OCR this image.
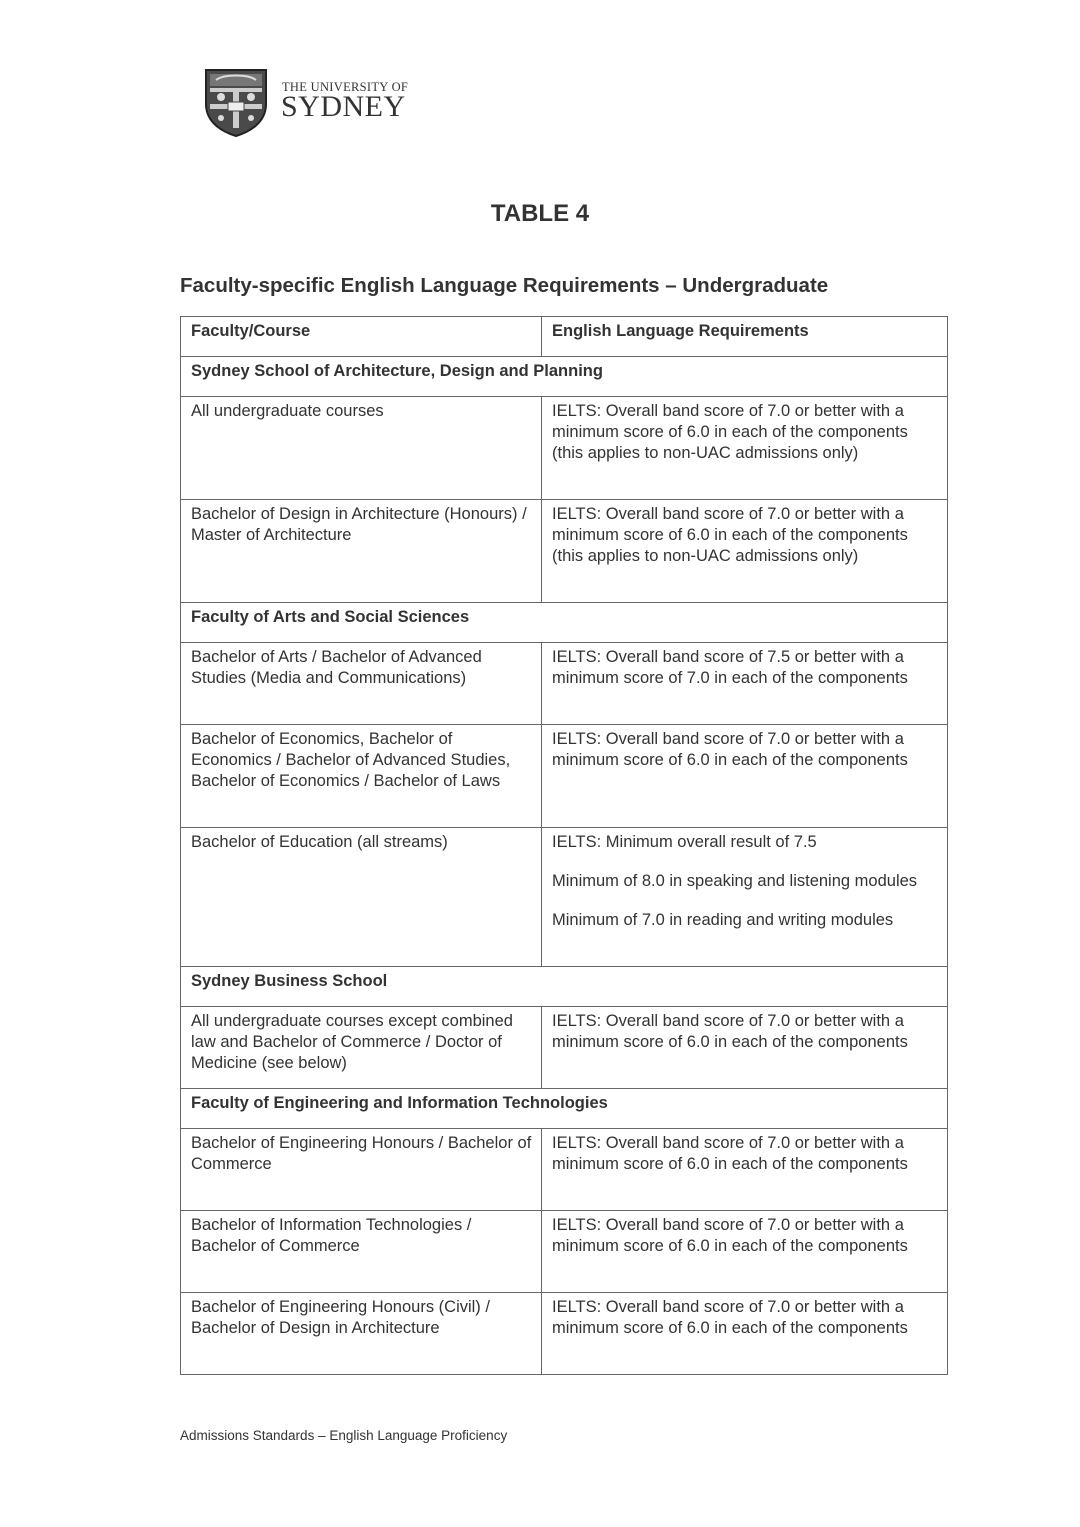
THE UNIVERSITY OF
SYDNEY
TABLE 4
Faculty-specific English Language Requirements – Undergraduate
Faculty/Course	English Language Requirements
Sydney School of Architecture, Design and Planning	
All undergraduate courses	IELTS: Overall band score of 7.0 or better with a minimum score of 6.0 in each of the components (this applies to non-UAC admissions only)

Bachelor of Design in Architecture (Honours) / Master of Architecture	IELTS: Overall band score of 7.0 or better with a minimum score of 6.0 in each of the components (this applies to non-UAC admissions only)

Faculty of Arts and Social Sciences	
Bachelor of Arts / Bachelor of Advanced Studies (Media and Communications)	IELTS: Overall band score of 7.5 or better with a minimum score of 7.0 in each of the components

Bachelor of Economics, Bachelor of Economics / Bachelor of Advanced Studies, Bachelor of Economics / Bachelor of Laws	IELTS: Overall band score of 7.0 or better with a minimum score of 6.0 in each of the components

Bachelor of Education (all streams)	IELTS: Minimum overall result of 7.5

Minimum of 8.0 in speaking and listening modules

Minimum of 7.0 in reading and writing modules

Sydney Business School	
All undergraduate courses except combined law and Bachelor of Commerce / Doctor of Medicine (see below)	IELTS: Overall band score of 7.0 or better with a minimum score of 6.0 in each of the components

Faculty of Engineering and Information Technologies	
Bachelor of Engineering Honours / Bachelor of Commerce	IELTS: Overall band score of 7.0 or better with a minimum score of 6.0 in each of the components

Bachelor of Information Technologies / Bachelor of Commerce	IELTS: Overall band score of 7.0 or better with a minimum score of 6.0 in each of the components

Bachelor of Engineering Honours (Civil) / Bachelor of Design in Architecture	IELTS: Overall band score of 7.0 or better with a minimum score of 6.0 in each of the components

Admissions Standards – English Language Proficiency
